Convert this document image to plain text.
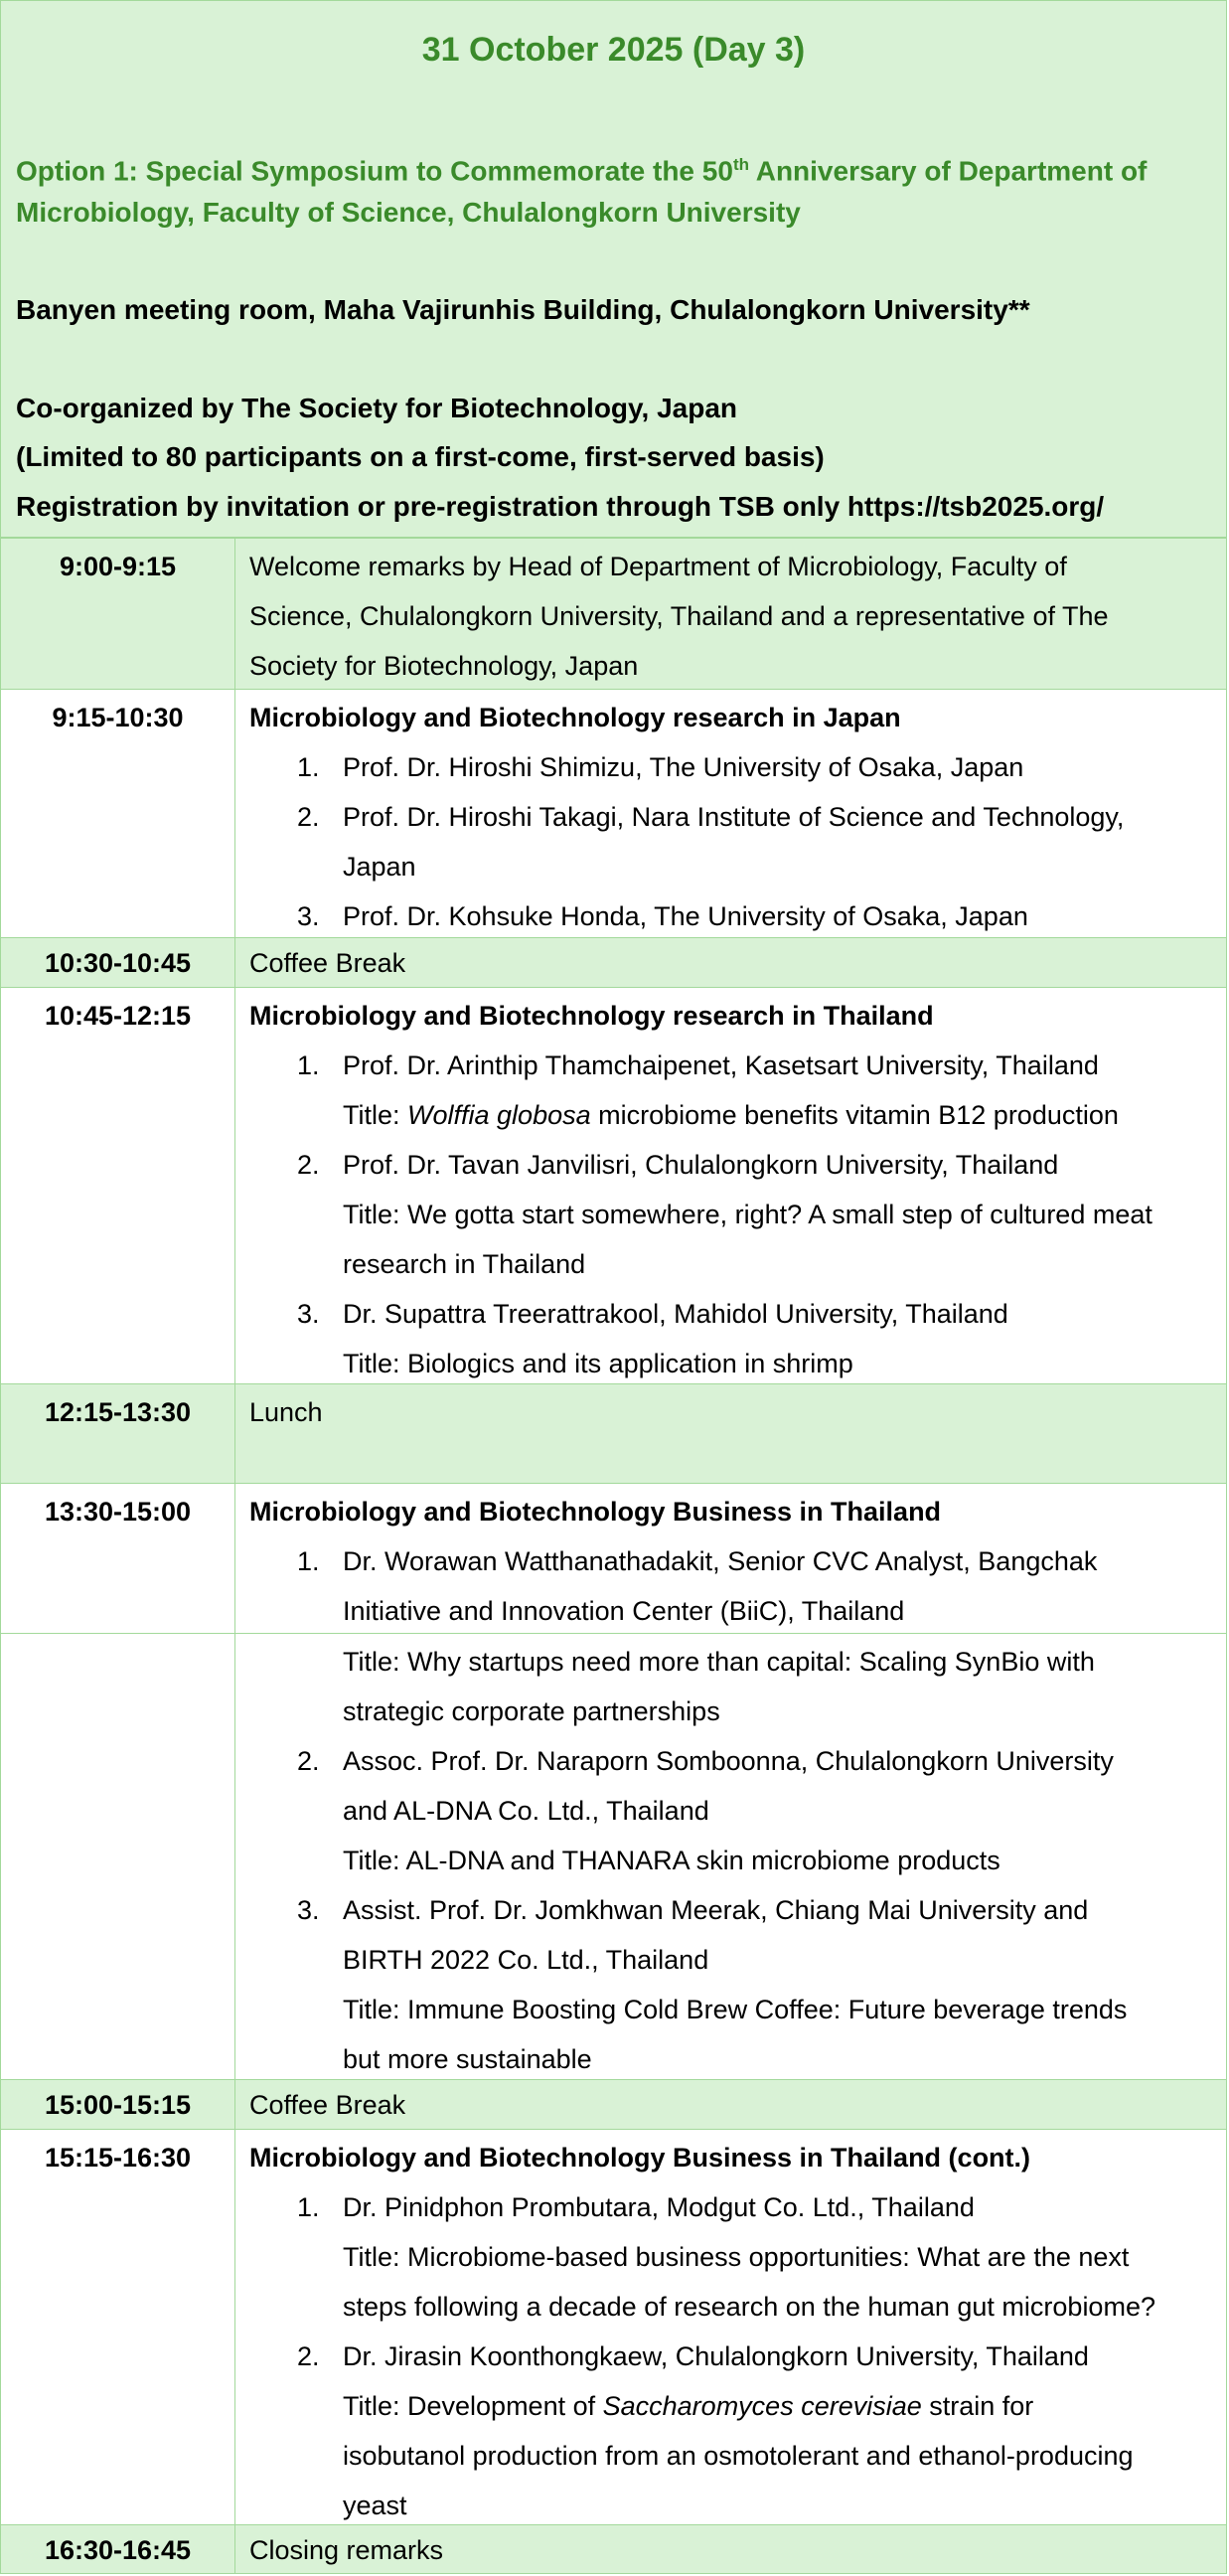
31 October 2025 (Day 3)
Option 1: Special Symposium to Commemorate the 50th Anniversary of Department of
Microbiology, Faculty of Science, Chulalongkorn University
Banyen meeting room, Maha Vajirunhis Building, Chulalongkorn University**
Co-organized by The Society for Biotechnology, Japan
(Limited to 80 participants on a first-come, first-served basis)
Registration by invitation or pre-registration through TSB only https://tsb2025.org/
9:00-9:15	Welcome remarks by Head of Department of Microbiology, Faculty of
Science, Chulalongkorn University, Thailand and a representative of The
Society for Biotechnology, Japan
9:15-10:30	Microbiology and Biotechnology research in Japan
1. Prof. Dr. Hiroshi Shimizu, The University of Osaka, Japan
2. Prof. Dr. Hiroshi Takagi, Nara Institute of Science and Technology,
Japan
3. Prof. Dr. Kohsuke Honda, The University of Osaka, Japan
10:30-10:45	Coffee Break
10:45-12:15	Microbiology and Biotechnology research in Thailand
1. Prof. Dr. Arinthip Thamchaipenet, Kasetsart University, Thailand
Title: Wolffia globosa microbiome benefits vitamin B12 production
2. Prof. Dr. Tavan Janvilisri, Chulalongkorn University, Thailand
Title: We gotta start somewhere, right? A small step of cultured meat
research in Thailand
3. Dr. Supattra Treerattrakool, Mahidol University, Thailand
Title: Biologics and its application in shrimp
12:15-13:30	Lunch
13:30-15:00	Microbiology and Biotechnology Business in Thailand
1. Dr. Worawan Watthanathadakit, Senior CVC Analyst, Bangchak
Initiative and Innovation Center (BiiC), Thailand
Title: Why startups need more than capital: Scaling SynBio with
strategic corporate partnerships
2. Assoc. Prof. Dr. Naraporn Somboonna, Chulalongkorn University
and AL-DNA Co. Ltd., Thailand
Title: AL-DNA and THANARA skin microbiome products
3. Assist. Prof. Dr. Jomkhwan Meerak, Chiang Mai University and
BIRTH 2022 Co. Ltd., Thailand
Title: Immune Boosting Cold Brew Coffee: Future beverage trends
but more sustainable
15:00-15:15	Coffee Break
15:15-16:30	Microbiology and Biotechnology Business in Thailand (cont.)
1. Dr. Pinidphon Prombutara, Modgut Co. Ltd., Thailand
Title: Microbiome-based business opportunities: What are the next
steps following a decade of research on the human gut microbiome?
2. Dr. Jirasin Koonthongkaew, Chulalongkorn University, Thailand
Title: Development of Saccharomyces cerevisiae strain for
isobutanol production from an osmotolerant and ethanol-producing
yeast
16:30-16:45	Closing remarks
